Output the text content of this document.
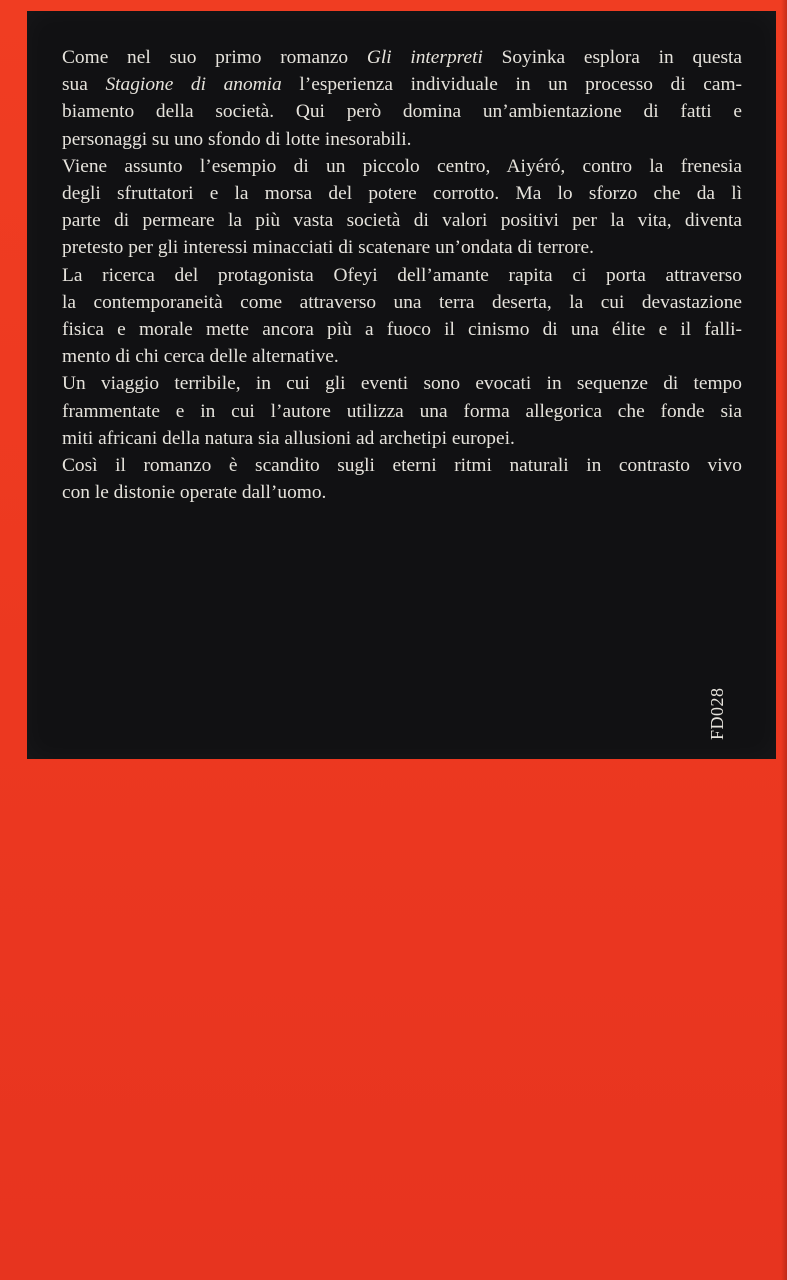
Come nel suo primo romanzo Gli interpreti Soyinka esplora in questa
sua Stagione di anomia l’esperienza individuale in un processo di cam-
biamento della società. Qui però domina un’ambientazione di fatti e
personaggi su uno sfondo di lotte inesorabili.
Viene assunto l’esempio di un piccolo centro, Aiyéró, contro la frenesia
degli sfruttatori e la morsa del potere corrotto. Ma lo sforzo che da lì
parte di permeare la più vasta società di valori positivi per la vita, diventa
pretesto per gli interessi minacciati di scatenare un’ondata di terrore.
La ricerca del protagonista Ofeyi dell’amante rapita ci porta attraverso
la contemporaneità come attraverso una terra deserta, la cui devastazione
fisica e morale mette ancora più a fuoco il cinismo di una élite e il falli-
mento di chi cerca delle alternative.
Un viaggio terribile, in cui gli eventi sono evocati in sequenze di tempo
frammentate e in cui l’autore utilizza una forma allegorica che fonde sia
miti africani della natura sia allusioni ad archetipi europei.
Così il romanzo è scandito sugli eterni ritmi naturali in contrasto vivo
con le distonie operate dall’uomo.

FD028
